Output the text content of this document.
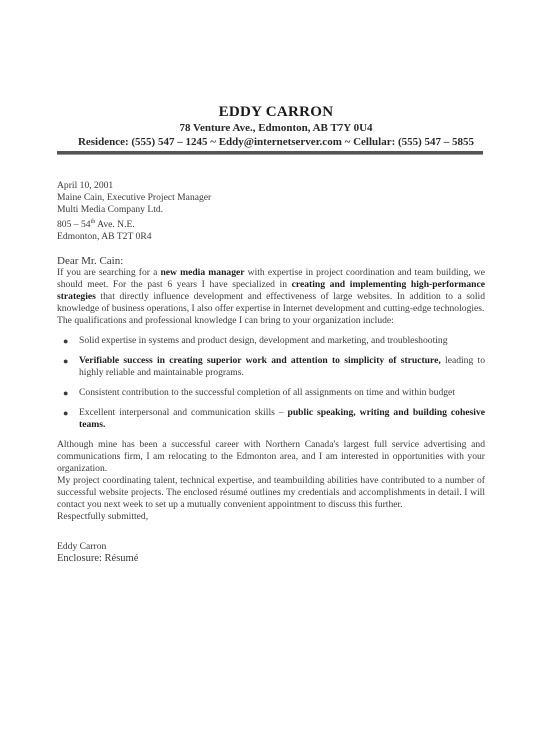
EDDY CARRON
78 Venture Ave., Edmonton, AB T7Y 0U4
Residence: (555) 547 – 1245 ~ Eddy@internetserver.com ~ Cellular: (555) 547 – 5855

April 10, 2001

Maine Cain, Executive Project Manager

Multi Media Company Ltd.

805 – 54th Ave. N.E.

Edmonton, AB T2T 0R4

Dear Mr. Cain:

If you are searching for a new media manager with expertise in project coordination and team building, we should meet. For the past 6 years I have specialized in creating and implementing high-performance strategies that directly influence development and effectiveness of large websites. In addition to a solid knowledge of business operations, I also offer expertise in Internet development and cutting-edge technologies.

The qualifications and professional knowledge I can bring to your organization include:

● Solid expertise in systems and product design, development and marketing, and troubleshooting
● Verifiable success in creating superior work and attention to simplicity of structure, leading to highly reliable and maintainable programs.
● Consistent contribution to the successful completion of all assignments on time and within budget
● Excellent interpersonal and communication skills – public speaking, writing and building cohesive teams.

Although mine has been a successful career with Northern Canada's largest full service advertising and communications firm, I am relocating to the Edmonton area, and I am interested in opportunities with your organization.

My project coordinating talent, technical expertise, and teambuilding abilities have contributed to a number of successful website projects. The enclosed résumé outlines my credentials and accomplishments in detail. I will contact you next week to set up a mutually convenient appointment to discuss this further.

Respectfully submitted,

Eddy Carron

Enclosure: Résumé
